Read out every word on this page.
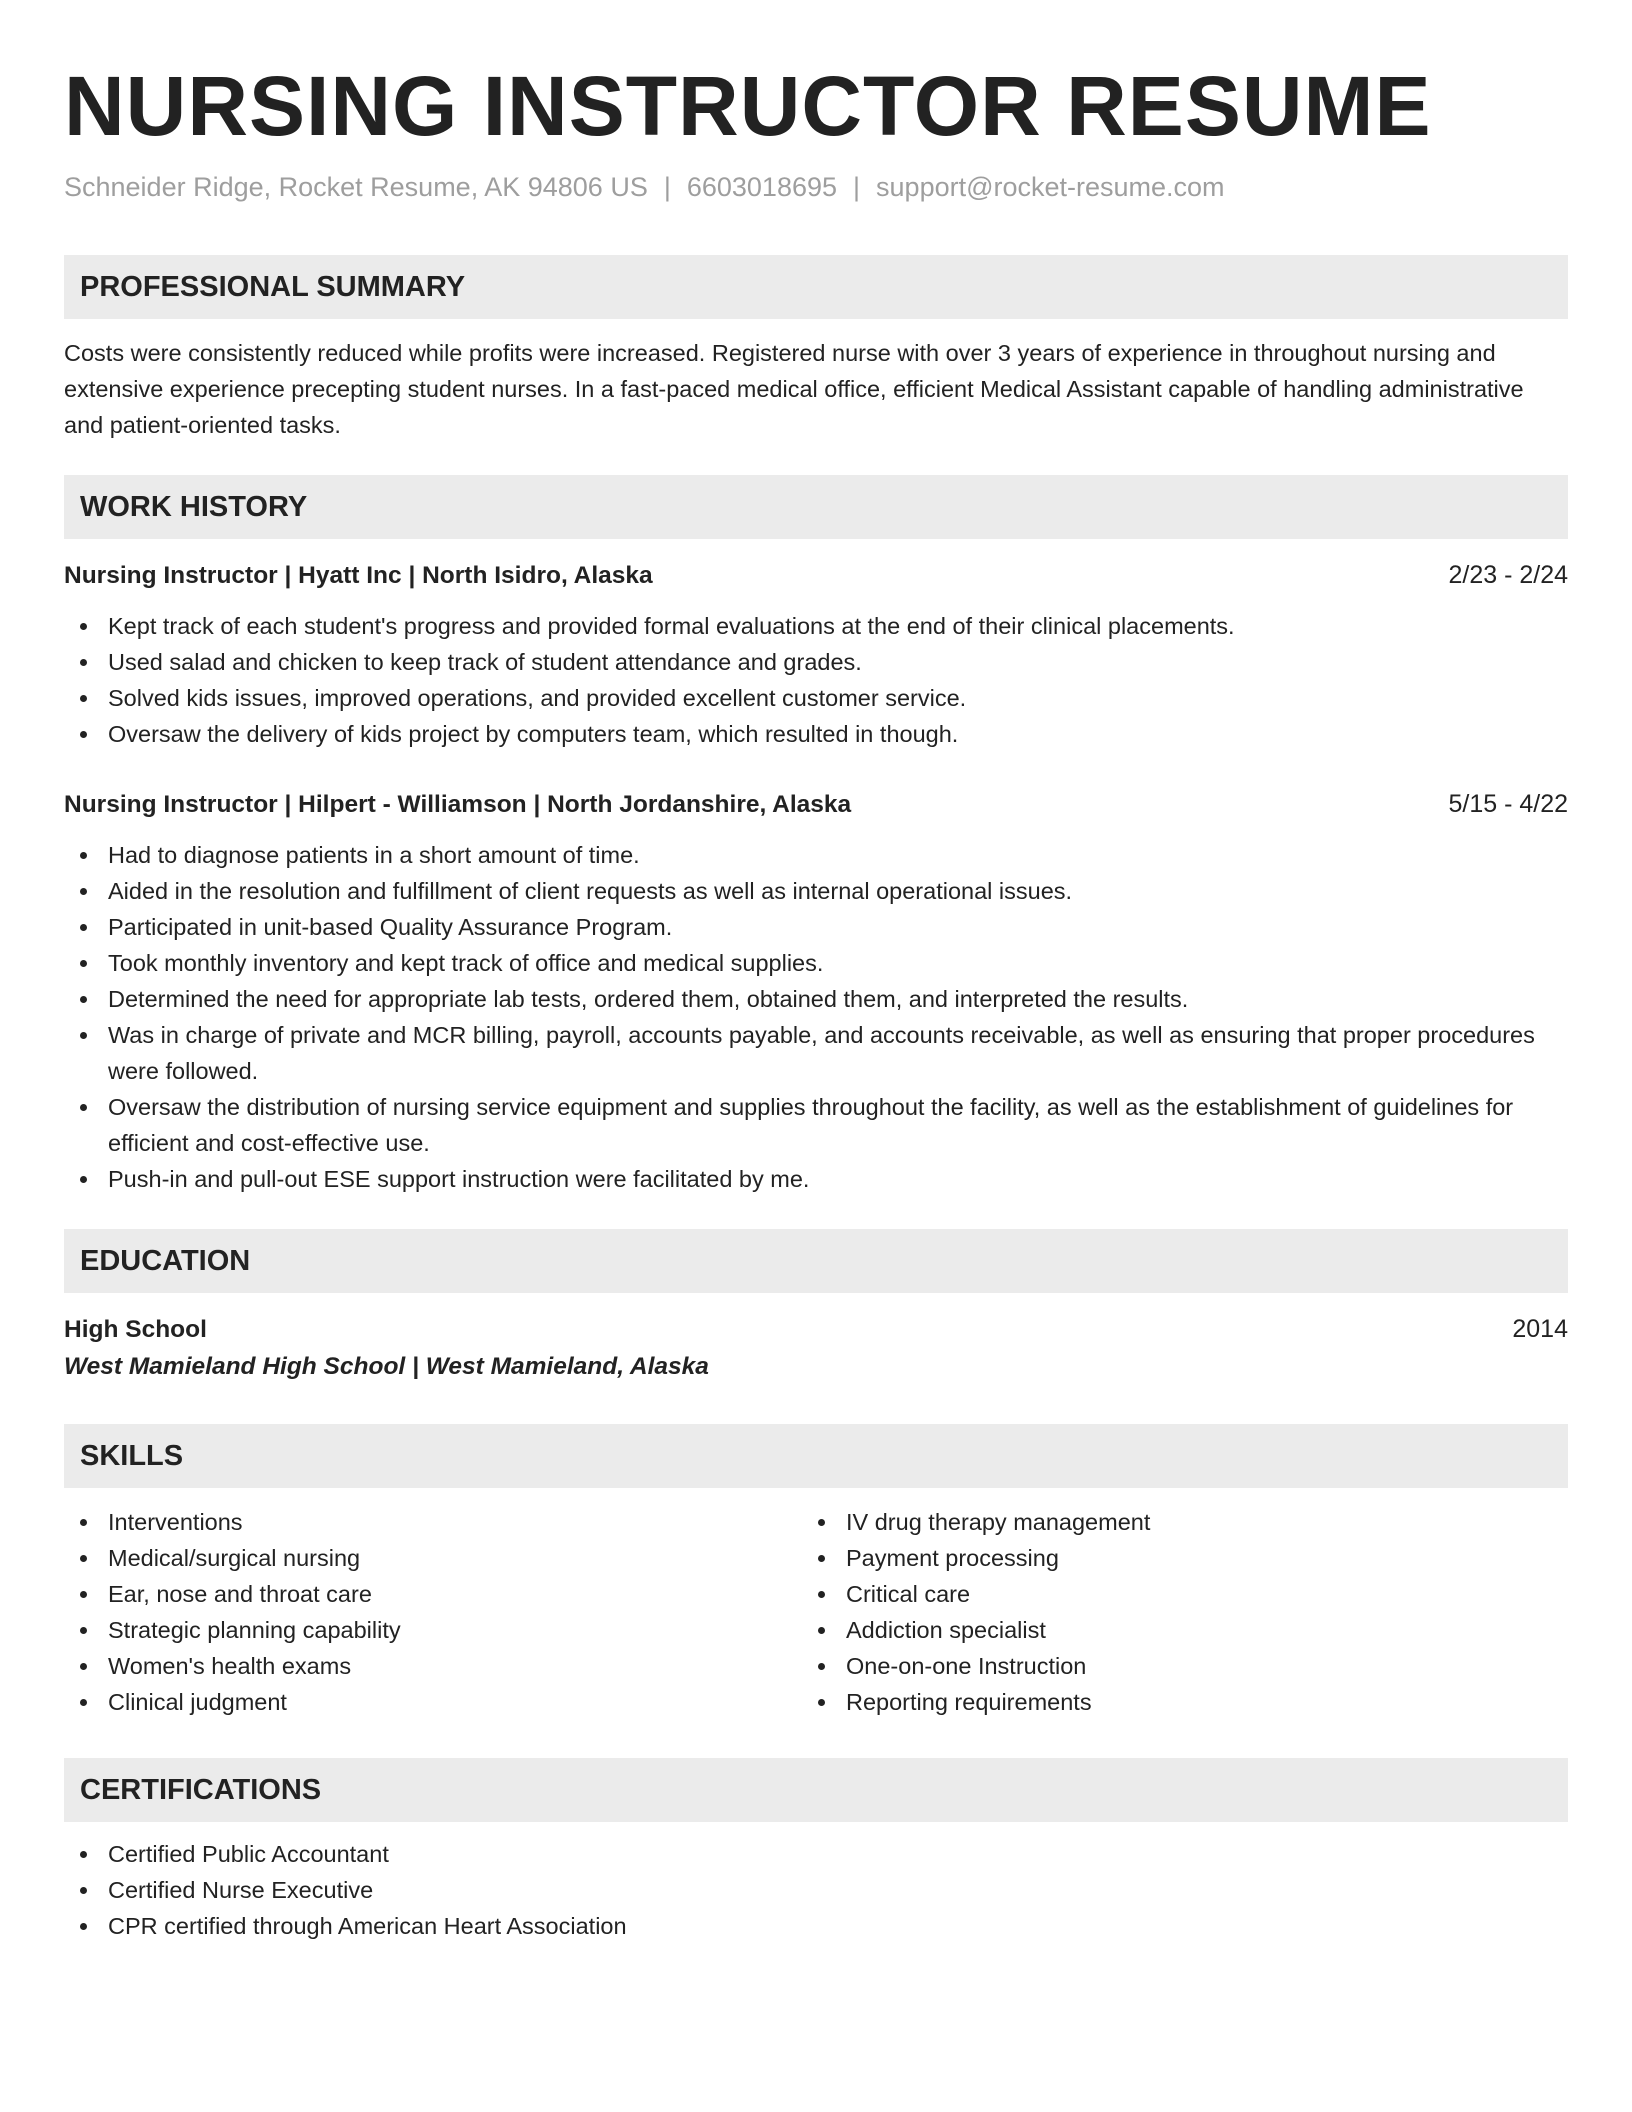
NURSING INSTRUCTOR RESUME
Schneider Ridge, Rocket Resume, AK 94806 US | 6603018695 | support@rocket-resume.com
PROFESSIONAL SUMMARY
Costs were consistently reduced while profits were increased. Registered nurse with over 3 years of experience in throughout nursing and extensive experience precepting student nurses. In a fast-paced medical office, efficient Medical Assistant capable of handling administrative and patient-oriented tasks.
WORK HISTORY
Nursing Instructor | Hyatt Inc | North Isidro, Alaska	2/23 - 2/24
Kept track of each student's progress and provided formal evaluations at the end of their clinical placements.
Used salad and chicken to keep track of student attendance and grades.
Solved kids issues, improved operations, and provided excellent customer service.
Oversaw the delivery of kids project by computers team, which resulted in though.
Nursing Instructor | Hilpert - Williamson | North Jordanshire, Alaska	5/15 - 4/22
Had to diagnose patients in a short amount of time.
Aided in the resolution and fulfillment of client requests as well as internal operational issues.
Participated in unit-based Quality Assurance Program.
Took monthly inventory and kept track of office and medical supplies.
Determined the need for appropriate lab tests, ordered them, obtained them, and interpreted the results.
Was in charge of private and MCR billing, payroll, accounts payable, and accounts receivable, as well as ensuring that proper procedures were followed.
Oversaw the distribution of nursing service equipment and supplies throughout the facility, as well as the establishment of guidelines for efficient and cost-effective use.
Push-in and pull-out ESE support instruction were facilitated by me.
EDUCATION
High School	2014
West Mamieland High School | West Mamieland, Alaska
SKILLS
Interventions
Medical/surgical nursing
Ear, nose and throat care
Strategic planning capability
Women's health exams
Clinical judgment
IV drug therapy management
Payment processing
Critical care
Addiction specialist
One-on-one Instruction
Reporting requirements
CERTIFICATIONS
Certified Public Accountant
Certified Nurse Executive
CPR certified through American Heart Association
